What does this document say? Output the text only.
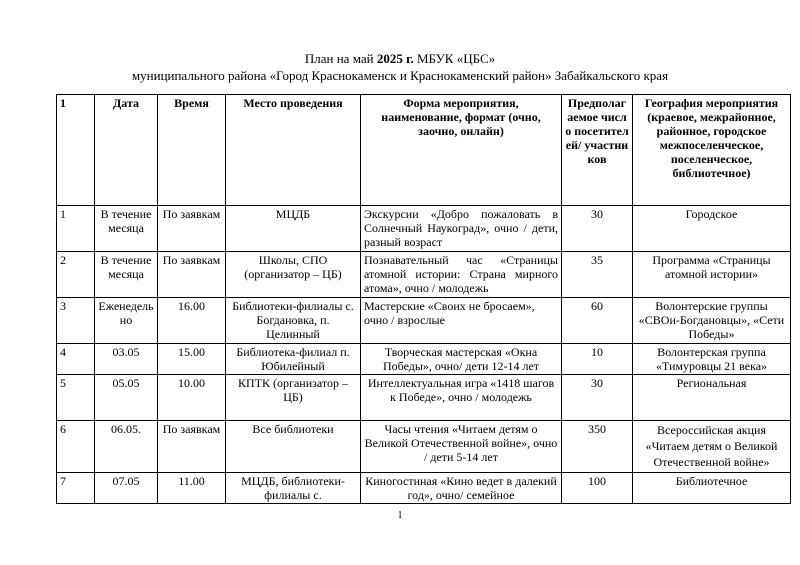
План на май 2025 г. МБУК «ЦБС»
муниципального района «Город Краснокаменск и Краснокаменский район» Забайкальского края
1	Дата	Время	Место проведения	Форма мероприятия, наименование, формат (очно, заочно, онлайн)	Предполагаемое число посетителей/ участников	География мероприятия (краевое, межрайонное, районное, городское межпоселенческое, поселенческое, библиотечное)
1	В течение месяца	По заявкам	МЦДБ	Экскурсии «Добро пожаловать в Солнечный Наукоград», очно / дети, разный возраст	30	Городское
2	В течение месяца	По заявкам	Школы, СПО (организатор – ЦБ)	Познавательный час «Страницы атомной истории: Страна мирного атома», очно / молодежь	35	Программа «Страницы атомной истории»
3	Еженедельно	16.00	Библиотеки-филиалы с. Богдановка, п. Целинный	Мастерские «Своих не бросаем», очно / взрослые	60	Волонтерские группы «СВОи-Богдановцы», «Сети Победы»
4	03.05	15.00	Библиотека-филиал п. Юбилейный	Творческая мастерская «Окна Победы», очно/ дети 12-14 лет	10	Волонтерская группа «Тимуровцы 21 века»
5	05.05	10.00	КПТК (организатор – ЦБ)	Интеллектуальная игра «1418 шагов к Победе», очно / молодежь	30	Региональная
6	06.05.	По заявкам	Все библиотеки	Часы чтения «Читаем детям о Великой Отечественной войне», очно / дети 5-14 лет	350	Всероссийская акция «Читаем детям о Великой Отечественной войне»
7	07.05	11.00	МЦДБ, библиотеки-филиалы с.	Киногостиная «Кино ведет в далекий год», очно/ семейное	100	Библиотечное
1
